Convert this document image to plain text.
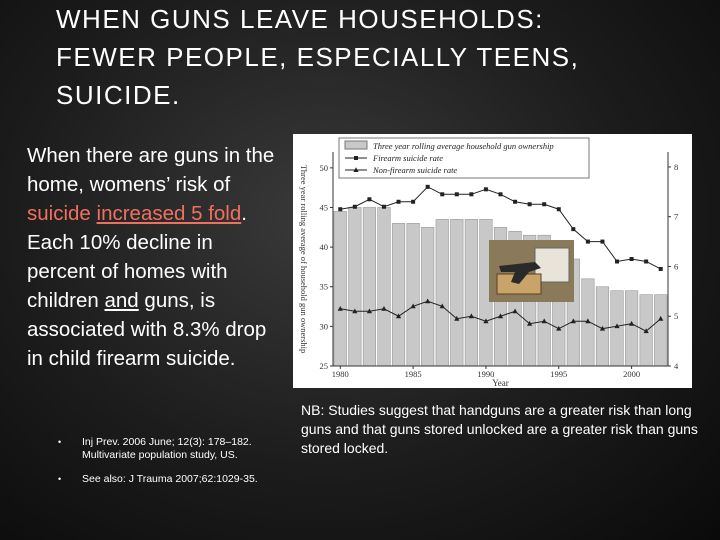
WHEN GUNS LEAVE HOUSEHOLDS:
FEWER PEOPLE, ESPECIALLY TEENS,
SUICIDE.

When there are guns in the home, womens’ risk of suicide increased 5 fold.

Each 10% decline in percent of homes with children and guns, is associated with 8.3% drop in child firearm suicide.

• Inj Prev. 2006 June; 12(3): 178–182. Multivariate population study, US.
• See also: J Trauma 2007;62:1029-35.
25
30
35
40
45
50
4
5
6
7
8
1980	1985	1990	1995	2000
Year
Three year rolling average of household gun ownership
Three year rolling average household gun ownership
Firearm suicide rate
Non-firearm suicide rate
NB: Studies suggest that handguns are a greater risk than long guns and that guns stored unlocked are a greater risk than guns stored locked.
